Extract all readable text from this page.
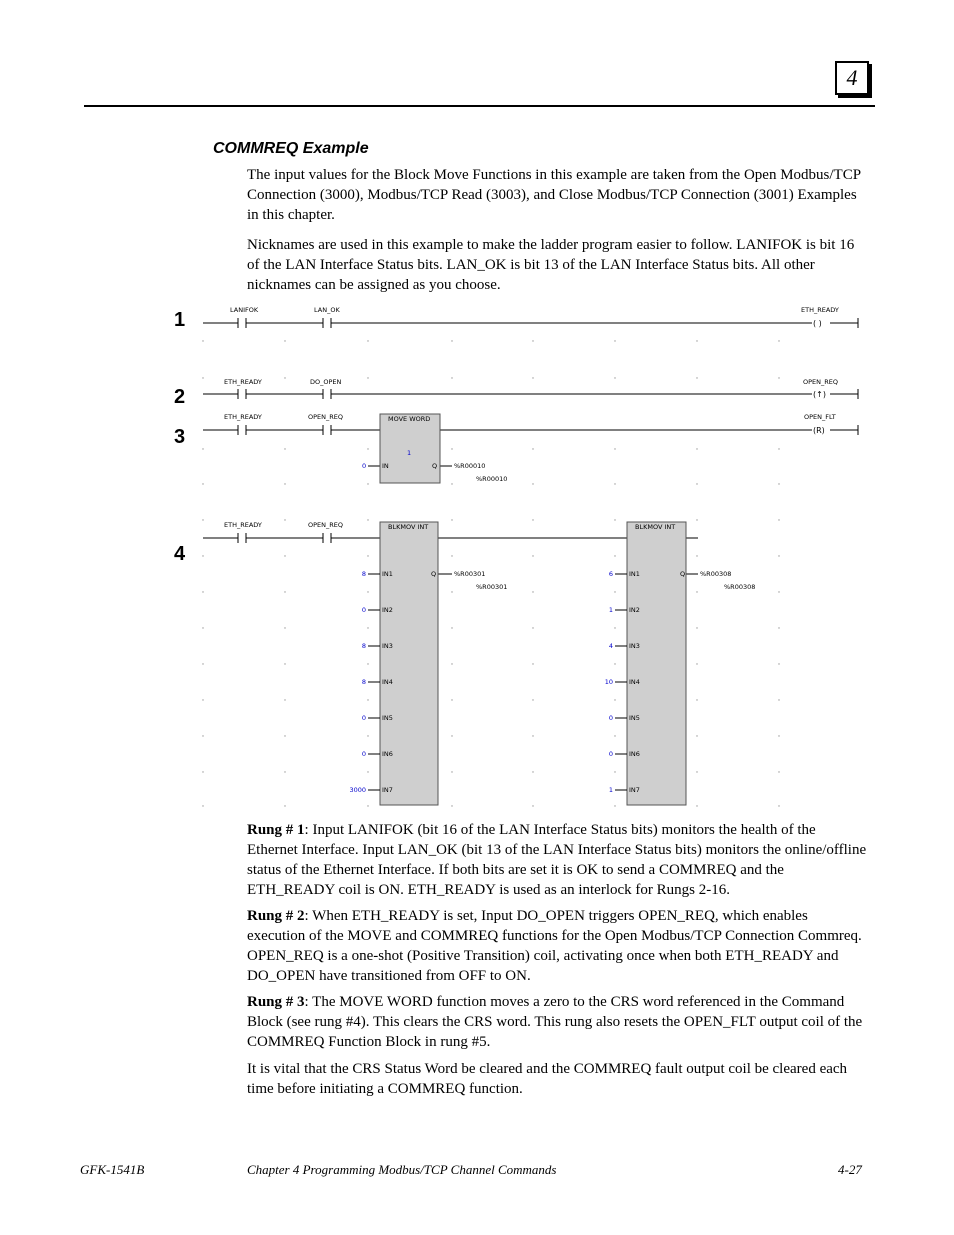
4
COMMREQ Example

The input values for the Block Move Functions in this example are taken from the Open Modbus/TCP Connection (3000), Modbus/TCP Read (3003), and Close Modbus/TCP Connection (3001) Examples in this chapter.

Nicknames are used in this example to make the ladder program easier to follow. LANIFOK is bit 16 of the LAN Interface Status bits. LAN_OK is bit 13 of the LAN Interface Status bits. All other nicknames can be assigned as you choose.

1
2
3
4
LANIFOK	LAN_OK	ETH_READY
( )
ETH_READY	DO_OPEN	OPEN_REQ
(↑)
ETH_READY	OPEN_REQ	OPEN_FLT
(R)
MOVE WORD
1
0 IN	Q	%R00010
%R00010
ETH_READY	OPEN_REQ	BLKMOV INT
Q	%R00301
%R00301
BLKMOV INT
Q %R00308
%R00308
8 IN1
0 IN2
8 IN3
8 IN4
0 IN5
0 IN6
3000 IN7
6 IN1
1 IN2
4 IN3
10 IN4
0 IN5
0 IN6
1 IN7

Rung # 1: Input LANIFOK (bit 16 of the LAN Interface Status bits) monitors the health of the Ethernet Interface. Input LAN_OK (bit 13 of the LAN Interface Status bits) monitors the online/offline status of the Ethernet Interface. If both bits are set it is OK to send a COMMREQ and the ETH_READY coil is ON. ETH_READY is used as an interlock for Rungs 2-16.

Rung # 2: When ETH_READY is set, Input DO_OPEN triggers OPEN_REQ, which enables execution of the MOVE and COMMREQ functions for the Open Modbus/TCP Connection Commreq. OPEN_REQ is a one-shot (Positive Transition) coil, activating once when both ETH_READY and DO_OPEN have transitioned from OFF to ON.

Rung # 3: The MOVE WORD function moves a zero to the CRS word referenced in the Command Block (see rung #4). This clears the CRS word. This rung also resets the OPEN_FLT output coil of the COMMREQ Function Block in rung #5.

It is vital that the CRS Status Word be cleared and the COMMREQ fault output coil be cleared each time before initiating a COMMREQ function.

GFK-1541B	Chapter 4 Programming Modbus/TCP Channel Commands	4-27
